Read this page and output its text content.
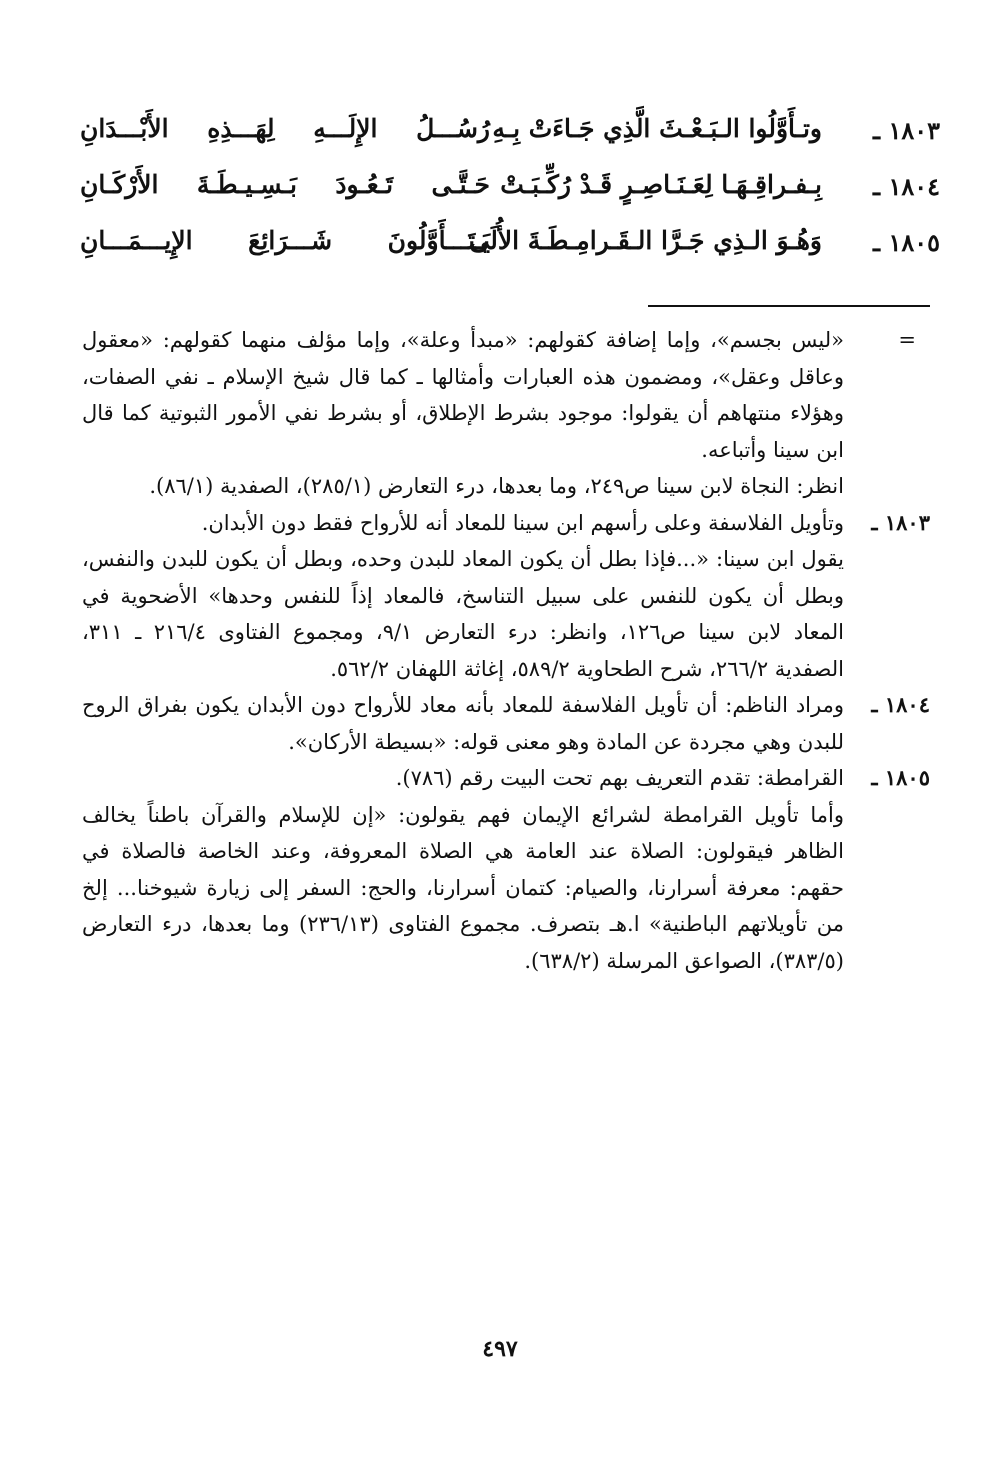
١٨٠٣ ـ
وتـأَوَّلُوا الـبَـعْـثَ الَّذِي جَـاءَتْ بِـهِ
رُسُـــلُ الإِلَـــهِ لِهَـــذِهِ الأَبْـــدَانِ
١٨٠٤ ـ
بِـفـراقِـهَـا لِعَـنَـاصِـرٍ قَـدْ رُكِّـبَـتْ
حَـتَّـى تَـعُـودَ بَـسِـيـطَـةَ الأَرْكَـانِ
١٨٠٥ ـ
وَهُـوَ الـذِي جَـرَّا الـقَـرامِـطَـةَ الأُلَى
يَـتَـــأَوَّلُونَ شَـــرَائِعَ الإِيـــمَـــانِ
=

«ليس بجسم»، وإما إضافة كقولهم: «مبدأ وعلة»، وإما مؤلف منهما كقولهم: «معقول وعاقل وعقل»، ومضمون هذه العبارات وأمثالها ـ كما قال شيخ الإسلام ـ نفي الصفات، وهؤلاء منتهاهم أن يقولوا: موجود بشرط الإطلاق، أو بشرط نفي الأمور الثبوتية كما قال ابن سينا وأتباعه.

انظر: النجاة لابن سينا ص٢٤٩، وما بعدها، درء التعارض (٢٨٥/١)، الصفدية (٨٦/١).

١٨٠٣ ـ

وتأويل الفلاسفة وعلى رأسهم ابن سينا للمعاد أنه للأرواح فقط دون الأبدان.

يقول ابن سينا: «...فإذا بطل أن يكون المعاد للبدن وحده، وبطل أن يكون للبدن والنفس، وبطل أن يكون للنفس على سبيل التناسخ، فالمعاد إذاً للنفس وحدها» الأضحوية في المعاد لابن سينا ص١٢٦، وانظر: درء التعارض ٩/١، ومجموع الفتاوى ٢١٦/٤ ـ ٣١١، الصفدية ٢٦٦/٢، شرح الطحاوية ٥٨٩/٢، إغاثة اللهفان ٥٦٢/٢.

١٨٠٤ ـ

ومراد الناظم: أن تأويل الفلاسفة للمعاد بأنه معاد للأرواح دون الأبدان يكون بفراق الروح للبدن وهي مجردة عن المادة وهو معنى قوله: «بسيطة الأركان».

١٨٠٥ ـ

القرامطة: تقدم التعريف بهم تحت البيت رقم (٧٨٦).

وأما تأويل القرامطة لشرائع الإيمان فهم يقولون: «إن للإسلام والقرآن باطناً يخالف الظاهر فيقولون: الصلاة عند العامة هي الصلاة المعروفة، وعند الخاصة فالصلاة في حقهم: معرفة أسرارنا، والصيام: كتمان أسرارنا، والحج: السفر إلى زيارة شيوخنا... إلخ من تأويلاتهم الباطنية» ا.هـ بتصرف. مجموع الفتاوى (٢٣٦/١٣) وما بعدها، درء التعارض (٣٨٣/٥)، الصواعق المرسلة (٦٣٨/٢).

٤٩٧
